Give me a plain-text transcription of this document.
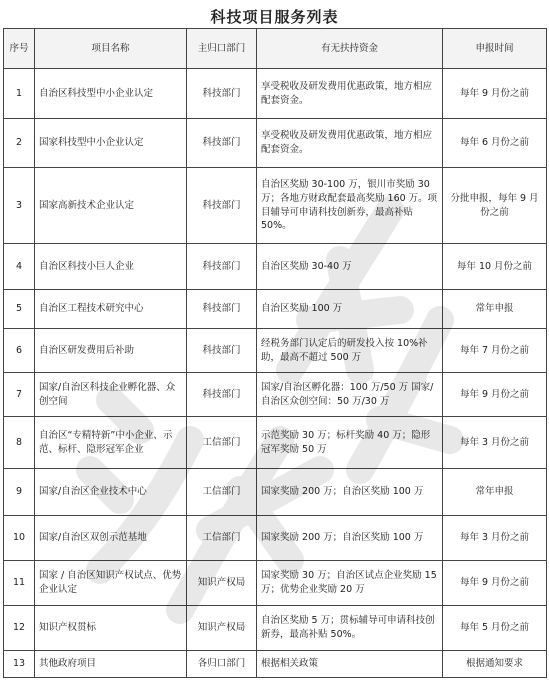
科技项目服务列表
序号	项目名称	主归口部门	有无扶持资金	申报时间
1	自治区科技型中小企业认定	科技部门	享受税收及研发费用优惠政策，地方相应配套资金。	每年 9 月份之前
2	国家科技型中小企业认定	科技部门	享受税收及研发费用优惠政策，地方相应配套资金。	每年 6 月份之前
3	国家高新技术企业认定	科技部门	自治区奖励 30-100 万，银川市奖励 30 万；各地方财政配套最高奖励 160 万。项目辅导可申请科技创新券，最高补贴 50%。	分批申报，每年 9 月份之前
4	自治区科技小巨人企业	科技部门	自治区奖励 30-40 万	每年 10 月份之前
5	自治区工程技术研究中心	科技部门	自治区奖励 100 万	常年申报
6	自治区研发费用后补助	科技部门	经税务部门认定后的研发投入按 10%补助，最高不超过 500 万	每年 7 月份之前
7	国家/自治区科技企业孵化器、众创空间	科技部门	国家/自治区孵化器：100 万/50 万 国家/自治区众创空间：50 万/30 万	每年 9 月份之前
8	自治区“专精特新”中小企业、示范、标杆、隐形冠军企业	工信部门	示范奖励 30 万；标杆奖励 40 万；隐形冠军奖励 50 万	每年 3 月份之前
9	国家/自治区企业技术中心	工信部门	国家奖励 200 万；自治区奖励 100 万	常年申报
10	国家/自治区双创示范基地	工信部门	国家奖励 200 万；自治区奖励 100 万	每年 3 月份之前
11	国家 / 自治区知识产权试点、优势企业认定	知识产权局	国家奖励 30 万；自治区试点企业奖励 15 万；优势企业奖励 20 万	每年 9 月份之前
12	知识产权贯标	知识产权局	自治区奖励 5 万；贯标辅导可申请科技创新券，最高补贴 50%。	每年 5 月份之前
13	其他政府项目	各归口部门	根据相关政策	根据通知要求
